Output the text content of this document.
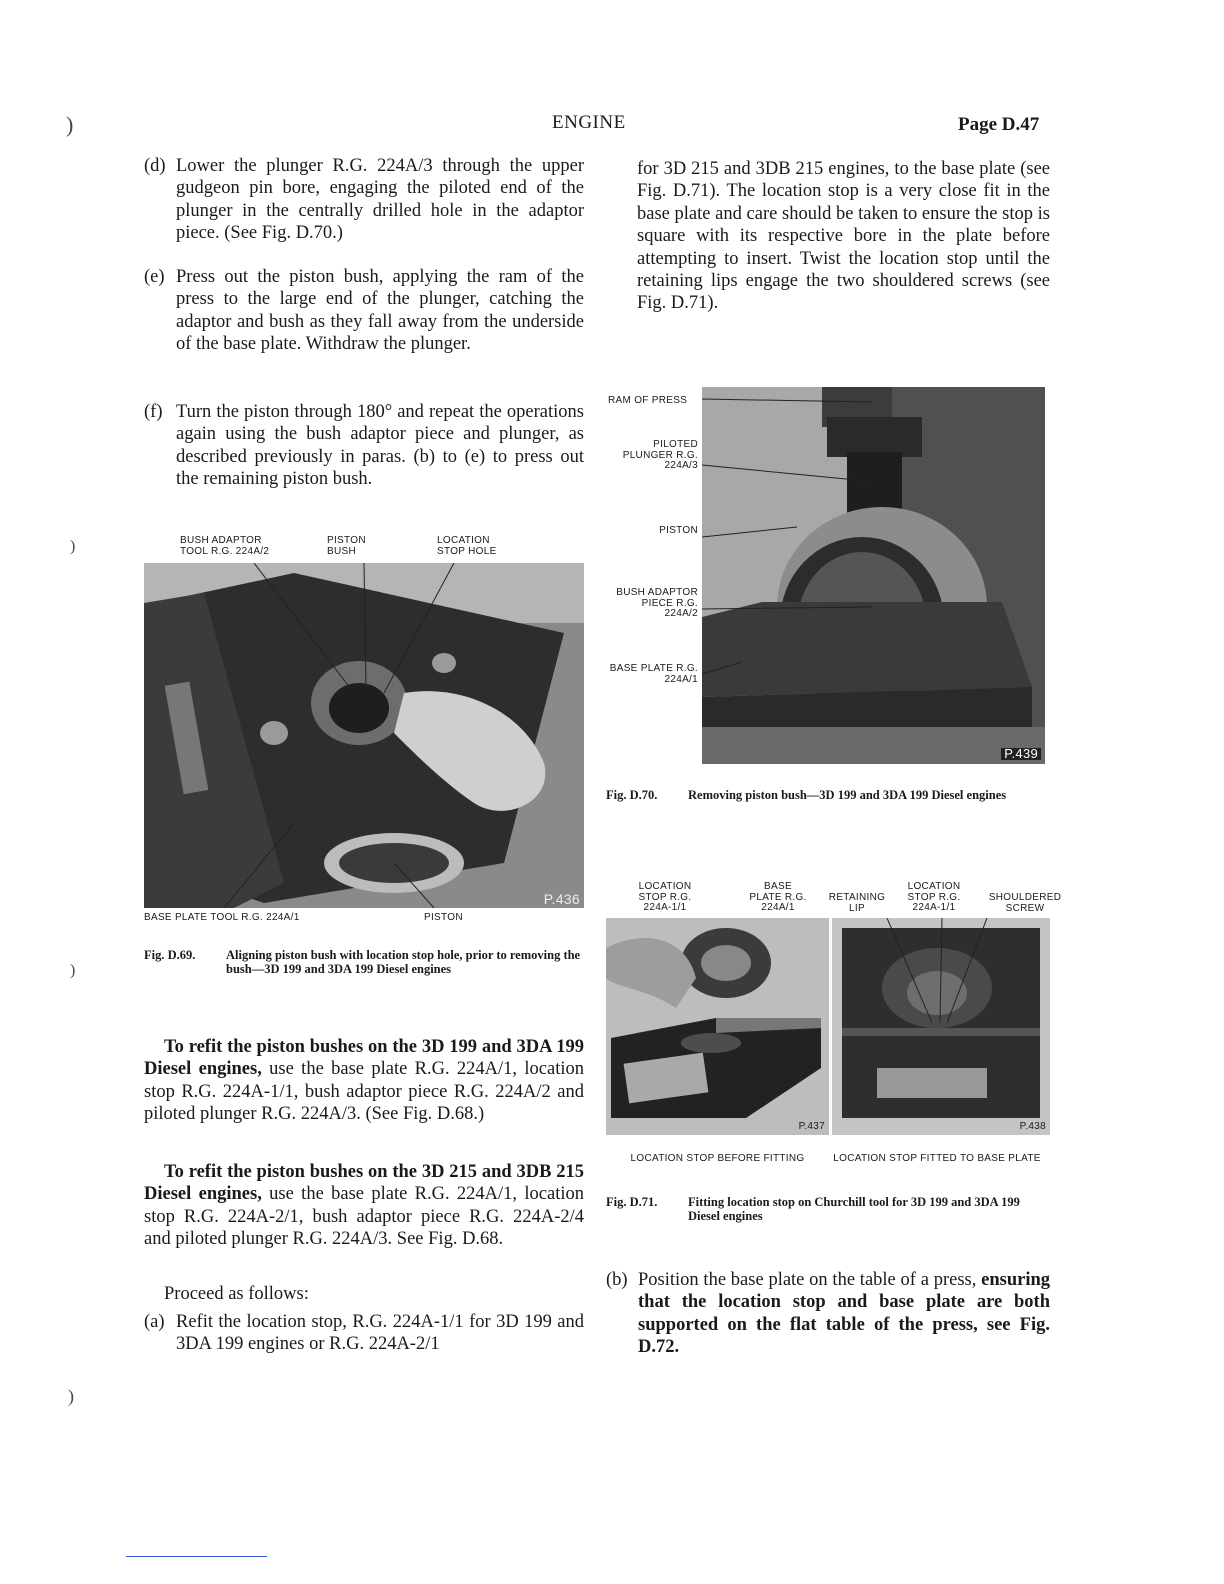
ENGINE	Page D.47
)
)
)
)
(d) Lower the plunger R.G. 224A/3 through the upper gudgeon pin bore, engaging the piloted end of the plunger in the centrally drilled hole in the adaptor piece. (See Fig. D.70.)
(e) Press out the piston bush, applying the ram of the press to the large end of the plunger, catching the adaptor and bush as they fall away from the underside of the base plate. Withdraw the plunger.
(f) Turn the piston through 180° and repeat the operations again using the bush adaptor piece and plunger, as described previously in paras. (b) to (e) to press out the remaining piston bush.
BUSH ADAPTOR TOOL R.G. 224A/2
PISTON BUSH
LOCATION STOP HOLE
P.436
BASE PLATE TOOL R.G. 224A/1	PISTON
Fig. D.69. Aligning piston bush with location stop hole, prior to removing the bush—3D 199 and 3DA 199 Diesel engines
To refit the piston bushes on the 3D 199 and 3DA 199 Diesel engines, use the base plate R.G. 224A/1, location stop R.G. 224A-1/1, bush adaptor piece R.G. 224A/2 and piloted plunger R.G. 224A/3. (See Fig. D.68.)
To refit the piston bushes on the 3D 215 and 3DB 215 Diesel engines, use the base plate R.G. 224A/1, location stop R.G. 224A-2/1, bush adaptor piece R.G. 224A-2/4 and piloted plunger R.G. 224A/3. See Fig. D.68.
Proceed as follows:
(a) Refit the location stop, R.G. 224A-1/1 for 3D 199 and 3DA 199 engines or R.G. 224A-2/1
for 3D 215 and 3DB 215 engines, to the base plate (see Fig. D.71). The location stop is a very close fit in the base plate and care should be taken to ensure the stop is square with its respective bore in the plate before attempting to insert. Twist the location stop until the retaining lips engage the two shouldered screws (see Fig. D.71).
RAM OF PRESS
PILOTED PLUNGER R.G. 224A/3
PISTON
BUSH ADAPTOR PIECE R.G. 224A/2
BASE PLATE R.G. 224A/1
P.439
Fig. D.70. Removing piston bush—3D 199 and 3DA 199 Diesel engines
LOCATION STOP R.G. 224A-1/1
BASE PLATE R.G. 224A/1
RETAINING LIP
LOCATION STOP R.G. 224A-1/1
SHOULDERED SCREW
P.437	P.438
LOCATION STOP BEFORE FITTING	LOCATION STOP FITTED TO BASE PLATE
Fig. D.71. Fitting location stop on Churchill tool for 3D 199 and 3DA 199 Diesel engines
(b) Position the base plate on the table of a press, ensuring that the location stop and base plate are both supported on the flat table of the press, see Fig. D.72.
